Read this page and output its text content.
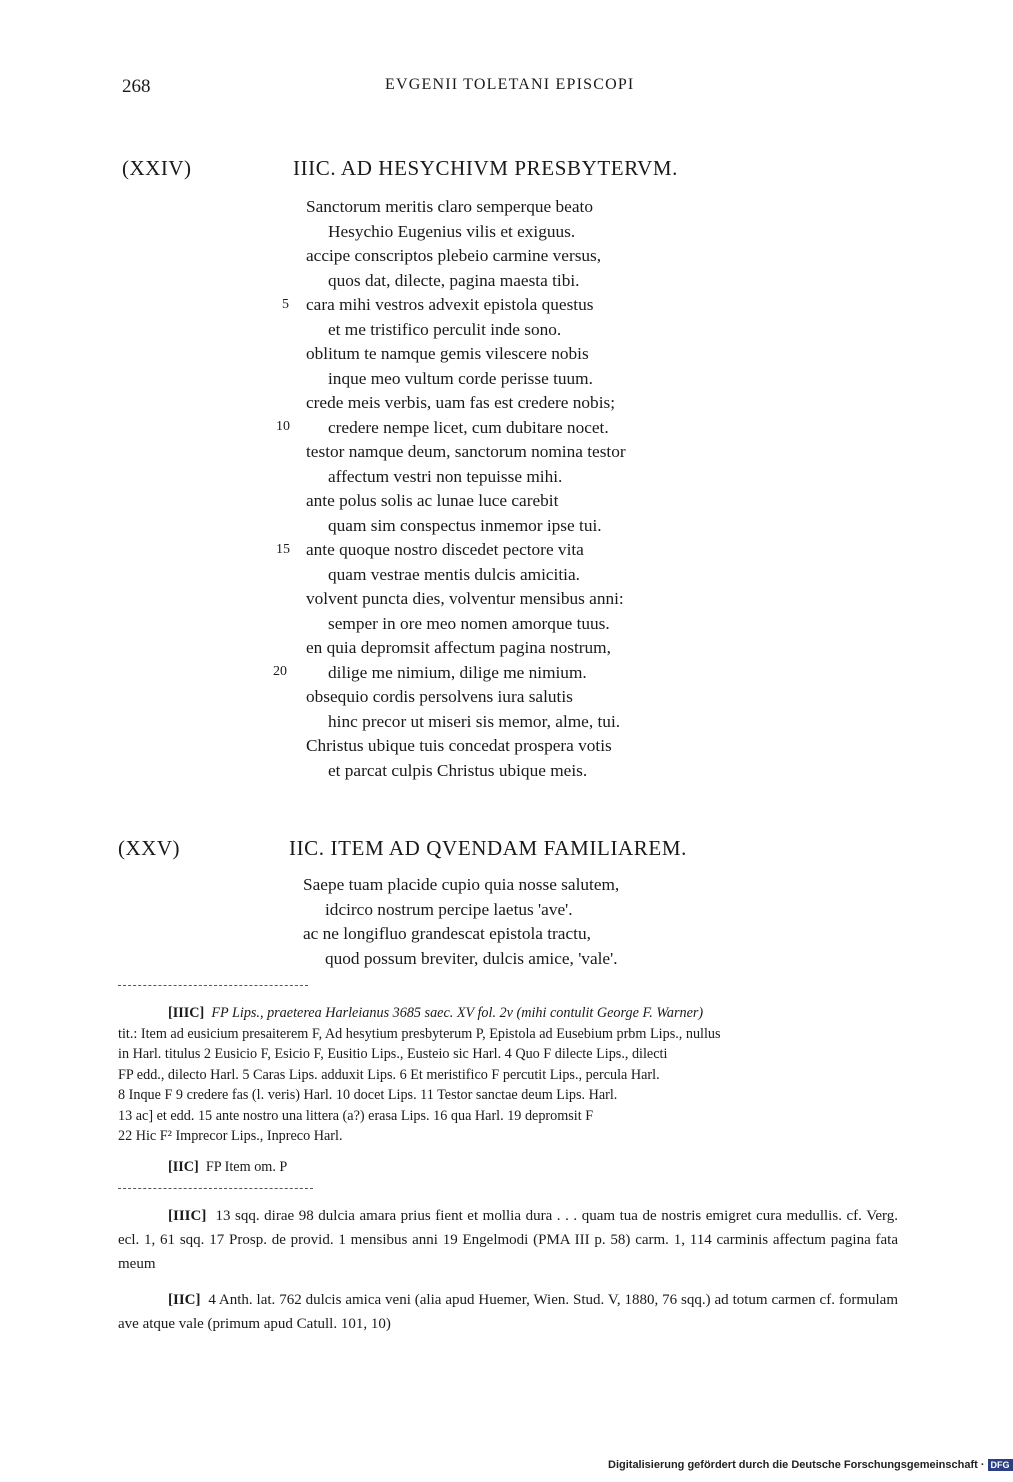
268	EVGENII TOLETANI EPISCOPI
(XXIV)	IIIC. AD HESYCHIVM PRESBYTERVM.
Sanctorum meritis claro semperque beato
Hesychio Eugenius vilis et exiguus.
accipe conscriptos plebeio carmine versus,
quos dat, dilecte, pagina maesta tibi.
cara mihi vestros advexit epistola questus
et me tristifico perculit inde sono.
oblitum te namque gemis vilescere nobis
inque meo vultum corde perisse tuum.
crede meis verbis, uam fas est credere nobis;
credere nempe licet, cum dubitare nocet.
testor namque deum, sanctorum nomina testor
affectum vestri non tepuisse mihi.
ante polus solis ac lunae luce carebit
quam sim conspectus inmemor ipse tui.
ante quoque nostro discedet pectore vita
quam vestrae mentis dulcis amicitia.
volvent puncta dies, volventur mensibus anni:
semper in ore meo nomen amorque tuus.
en quia depromsit affectum pagina nostrum,
dilige me nimium, dilige me nimium.
obsequio cordis persolvens iura salutis
hinc precor ut miseri sis memor, alme, tui.
Christus ubique tuis concedat prospera votis
et parcat culpis Christus ubique meis.
5
10
15
20
(XXV)	IIC. ITEM AD QVENDAM FAMILIAREM.
Saepe tuam placide cupio quia nosse salutem,
idcirco nostrum percipe laetus 'ave'.
ac ne longifluo grandescat epistola tractu,
quod possum breviter, dulcis amice, 'vale'.
[IIIC] FP Lips., praeterea Harleianus 3685 saec. XV fol. 2v (mihi contulit George F. Warner)
tit.: Item ad eusicium presaiterem F, Ad hesytium presbyterum P, Epistola ad Eusebium prbm Lips., nullus
in Harl. titulus 2 Eusicio F, Esicio F, Eusitio Lips., Eusteio sic Harl. 4 Quo F dilecte Lips., dilecti
FP edd., dilecto Harl. 5 Caras Lips. adduxit Lips. 6 Et meristifico F percutit Lips., percula Harl.
8 Inque F 9 credere fas (l. veris) Harl. 10 docet Lips. 11 Testor sanctae deum Lips. Harl.
13 ac] et edd. 15 ante nostro una littera (a?) erasa Lips. 16 qua Harl. 19 depromsit F
22 Hic F² Imprecor Lips., Inpreco Harl.
[IIC] FP Item om. P

[IIIC] 13 sqq. dirae 98 dulcia amara prius fient et mollia dura . . . quam tua de nostris emigret cura medullis. cf. Verg. ecl. 1, 61 sqq. 17 Prosp. de provid. 1 mensibus anni 19 Engelmodi (PMA III p. 58) carm. 1, 114 carminis affectum pagina fata meum

[IIC] 4 Anth. lat. 762 dulcis amica veni (alia apud Huemer, Wien. Stud. V, 1880, 76 sqq.) ad totum carmen cf. formulam ave atque vale (primum apud Catull. 101, 10)

Digitalisierung gefördert durch die Deutsche Forschungsgemeinschaft · DFG
